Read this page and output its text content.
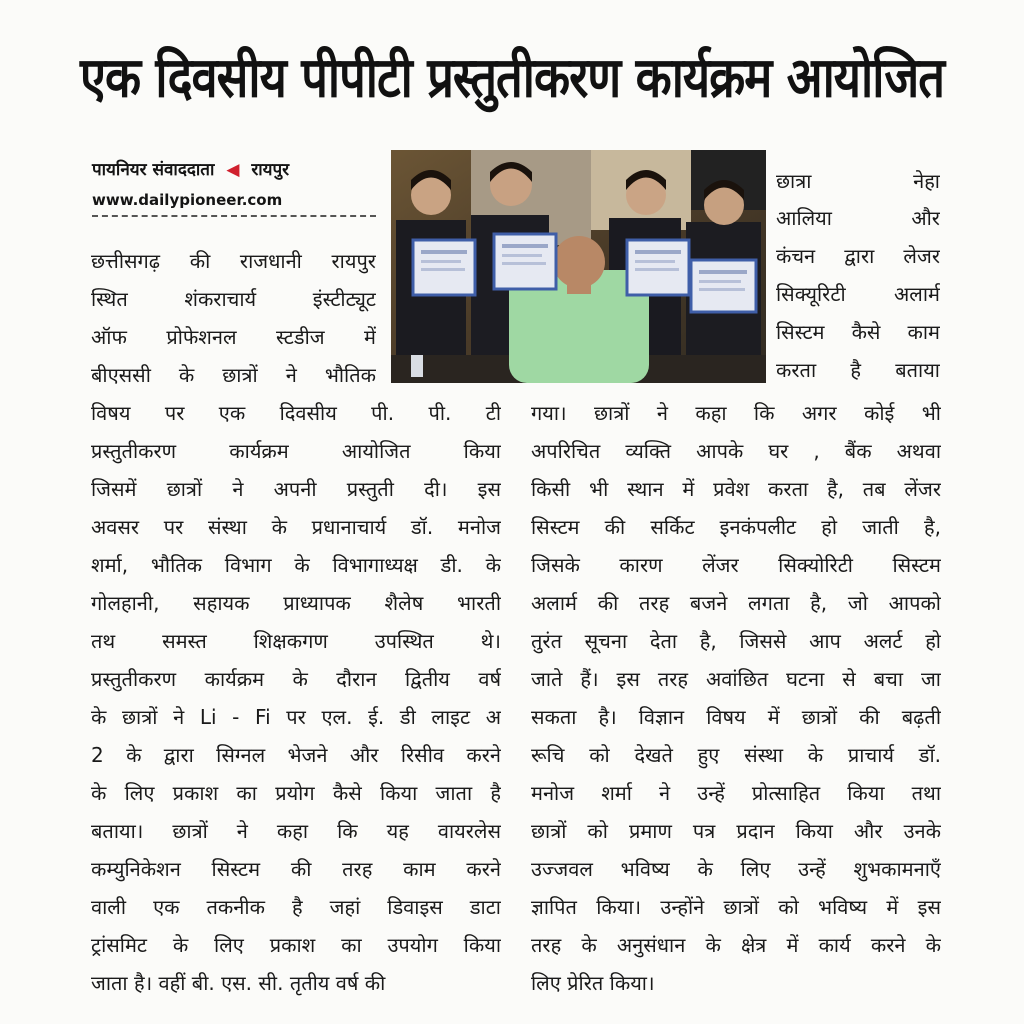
एक दिवसीय पीपीटी प्रस्तुतीकरण कार्यक्रम आयोजित
पायनियर संवाददाता ◀ रायपुर
www.dailypioneer.com
छत्तीसगढ़ की राजधानी रायपुर
स्थित शंकराचार्य इंस्टीट्यूट
ऑफ प्रोफेशनल स्टडीज में
बीएससी के छात्रों ने भौतिक
विषय पर एक दिवसीय पी. पी. टी
प्रस्तुतीकरण कार्यक्रम आयोजित किया
जिसमें छात्रों ने अपनी प्रस्तुती दी। इस
अवसर पर संस्था के प्रधानाचार्य डॉ. मनोज
शर्मा, भौतिक विभाग के विभागाध्यक्ष डी. के
गोलहानी, सहायक प्राध्यापक शैलेष भारती
तथ समस्त शिक्षकगण उपस्थित थे।
प्रस्तुतीकरण कार्यक्रम के दौरान द्वितीय वर्ष
के छात्रों ने Li - Fi पर एल. ई. डी लाइट अ
2 के द्वारा सिग्नल भेजने और रिसीव करने
के लिए प्रकाश का प्रयोग कैसे किया जाता है
बताया। छात्रों ने कहा कि यह वायरलेस
कम्युनिकेशन सिस्टम की तरह काम करने
वाली एक तकनीक है जहां डिवाइस डाटा
ट्रांसमिट के लिए प्रकाश का उपयोग किया
जाता है। वहीं बी. एस. सी. तृतीय वर्ष की
छात्रा नेहा
आलिया और
कंचन द्वारा लेजर
सिक्यूरिटी अलार्म
सिस्टम कैसे काम
करता है बताया
गया। छात्रों ने कहा कि अगर कोई भी
अपरिचित व्यक्ति आपके घर , बैंक अथवा
किसी भी स्थान में प्रवेश करता है, तब लेंजर
सिस्टम की सर्किट इनकंपलीट हो जाती है,
जिसके कारण लेंजर सिक्योरिटी सिस्टम
अलार्म की तरह बजने लगता है, जो आपको
तुरंत सूचना देता है, जिससे आप अलर्ट हो
जाते हैं। इस तरह अवांछित घटना से बचा जा
सकता है। विज्ञान विषय में छात्रों की बढ़ती
रूचि को देखते हुए संस्था के प्राचार्य डॉ.
मनोज शर्मा ने उन्हें प्रोत्साहित किया तथा
छात्रों को प्रमाण पत्र प्रदान किया और उनके
उज्जवल भविष्य के लिए उन्हें शुभकामनाएँ
ज्ञापित किया। उन्होंने छात्रों को भविष्य में इस
तरह के अनुसंधान के क्षेत्र में कार्य करने के
लिए प्रेरित किया।
